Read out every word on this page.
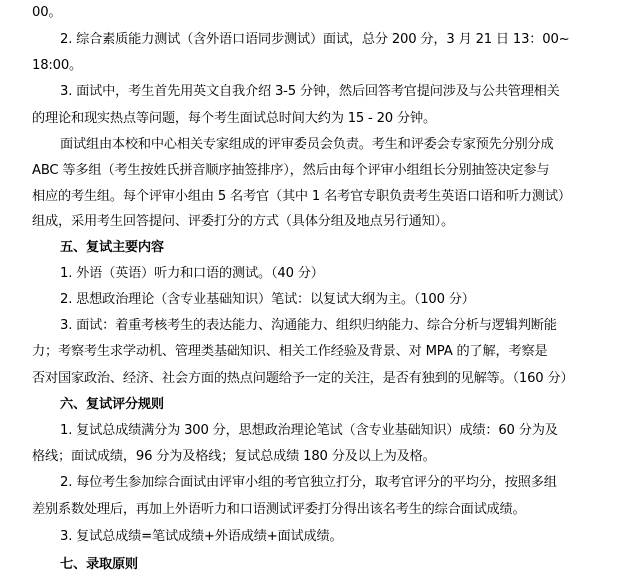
00。
2. 综合素质能力测试（含外语口语同步测试）面试，总分 200 分，3 月 21 日 13：00~
18:00。
3. 面试中，考生首先用英文自我介绍 3-5 分钟，然后回答考官提问涉及与公共管理相关
的理论和现实热点等问题，每个考生面试总时间大约为 15 - 20 分钟。
面试组由本校和中心相关专家组成的评审委员会负责。考生和评委会专家预先分别分成
ABC 等多组（考生按姓氏拼音顺序抽签排序），然后由每个评审小组组长分别抽签决定参与
相应的考生组。每个评审小组由 5 名考官（其中 1 名考官专职负责考生英语口语和听力测试）
组成，采用考生回答提问、评委打分的方式（具体分组及地点另行通知）。
五、复试主要内容
1. 外语（英语）听力和口语的测试。（40 分）
2. 思想政治理论（含专业基础知识）笔试：以复试大纲为主。（100 分）
3. 面试：着重考核考生的表达能力、沟通能力、组织归纳能力、综合分析与逻辑判断能
力；考察考生求学动机、管理类基础知识、相关工作经验及背景、对 MPA 的了解，考察是
否对国家政治、经济、社会方面的热点问题给予一定的关注，是否有独到的见解等。（160 分）
六、复试评分规则
1. 复试总成绩满分为 300 分，思想政治理论笔试（含专业基础知识）成绩：60 分为及
格线；面试成绩，96 分为及格线；复试总成绩 180 分及以上为及格。
2. 每位考生参加综合面试由评审小组的考官独立打分，取考官评分的平均分，按照多组
差别系数处理后，再加上外语听力和口语测试评委打分得出该名考生的综合面试成绩。
3. 复试总成绩=笔试成绩+外语成绩+面试成绩。
七、录取原则
